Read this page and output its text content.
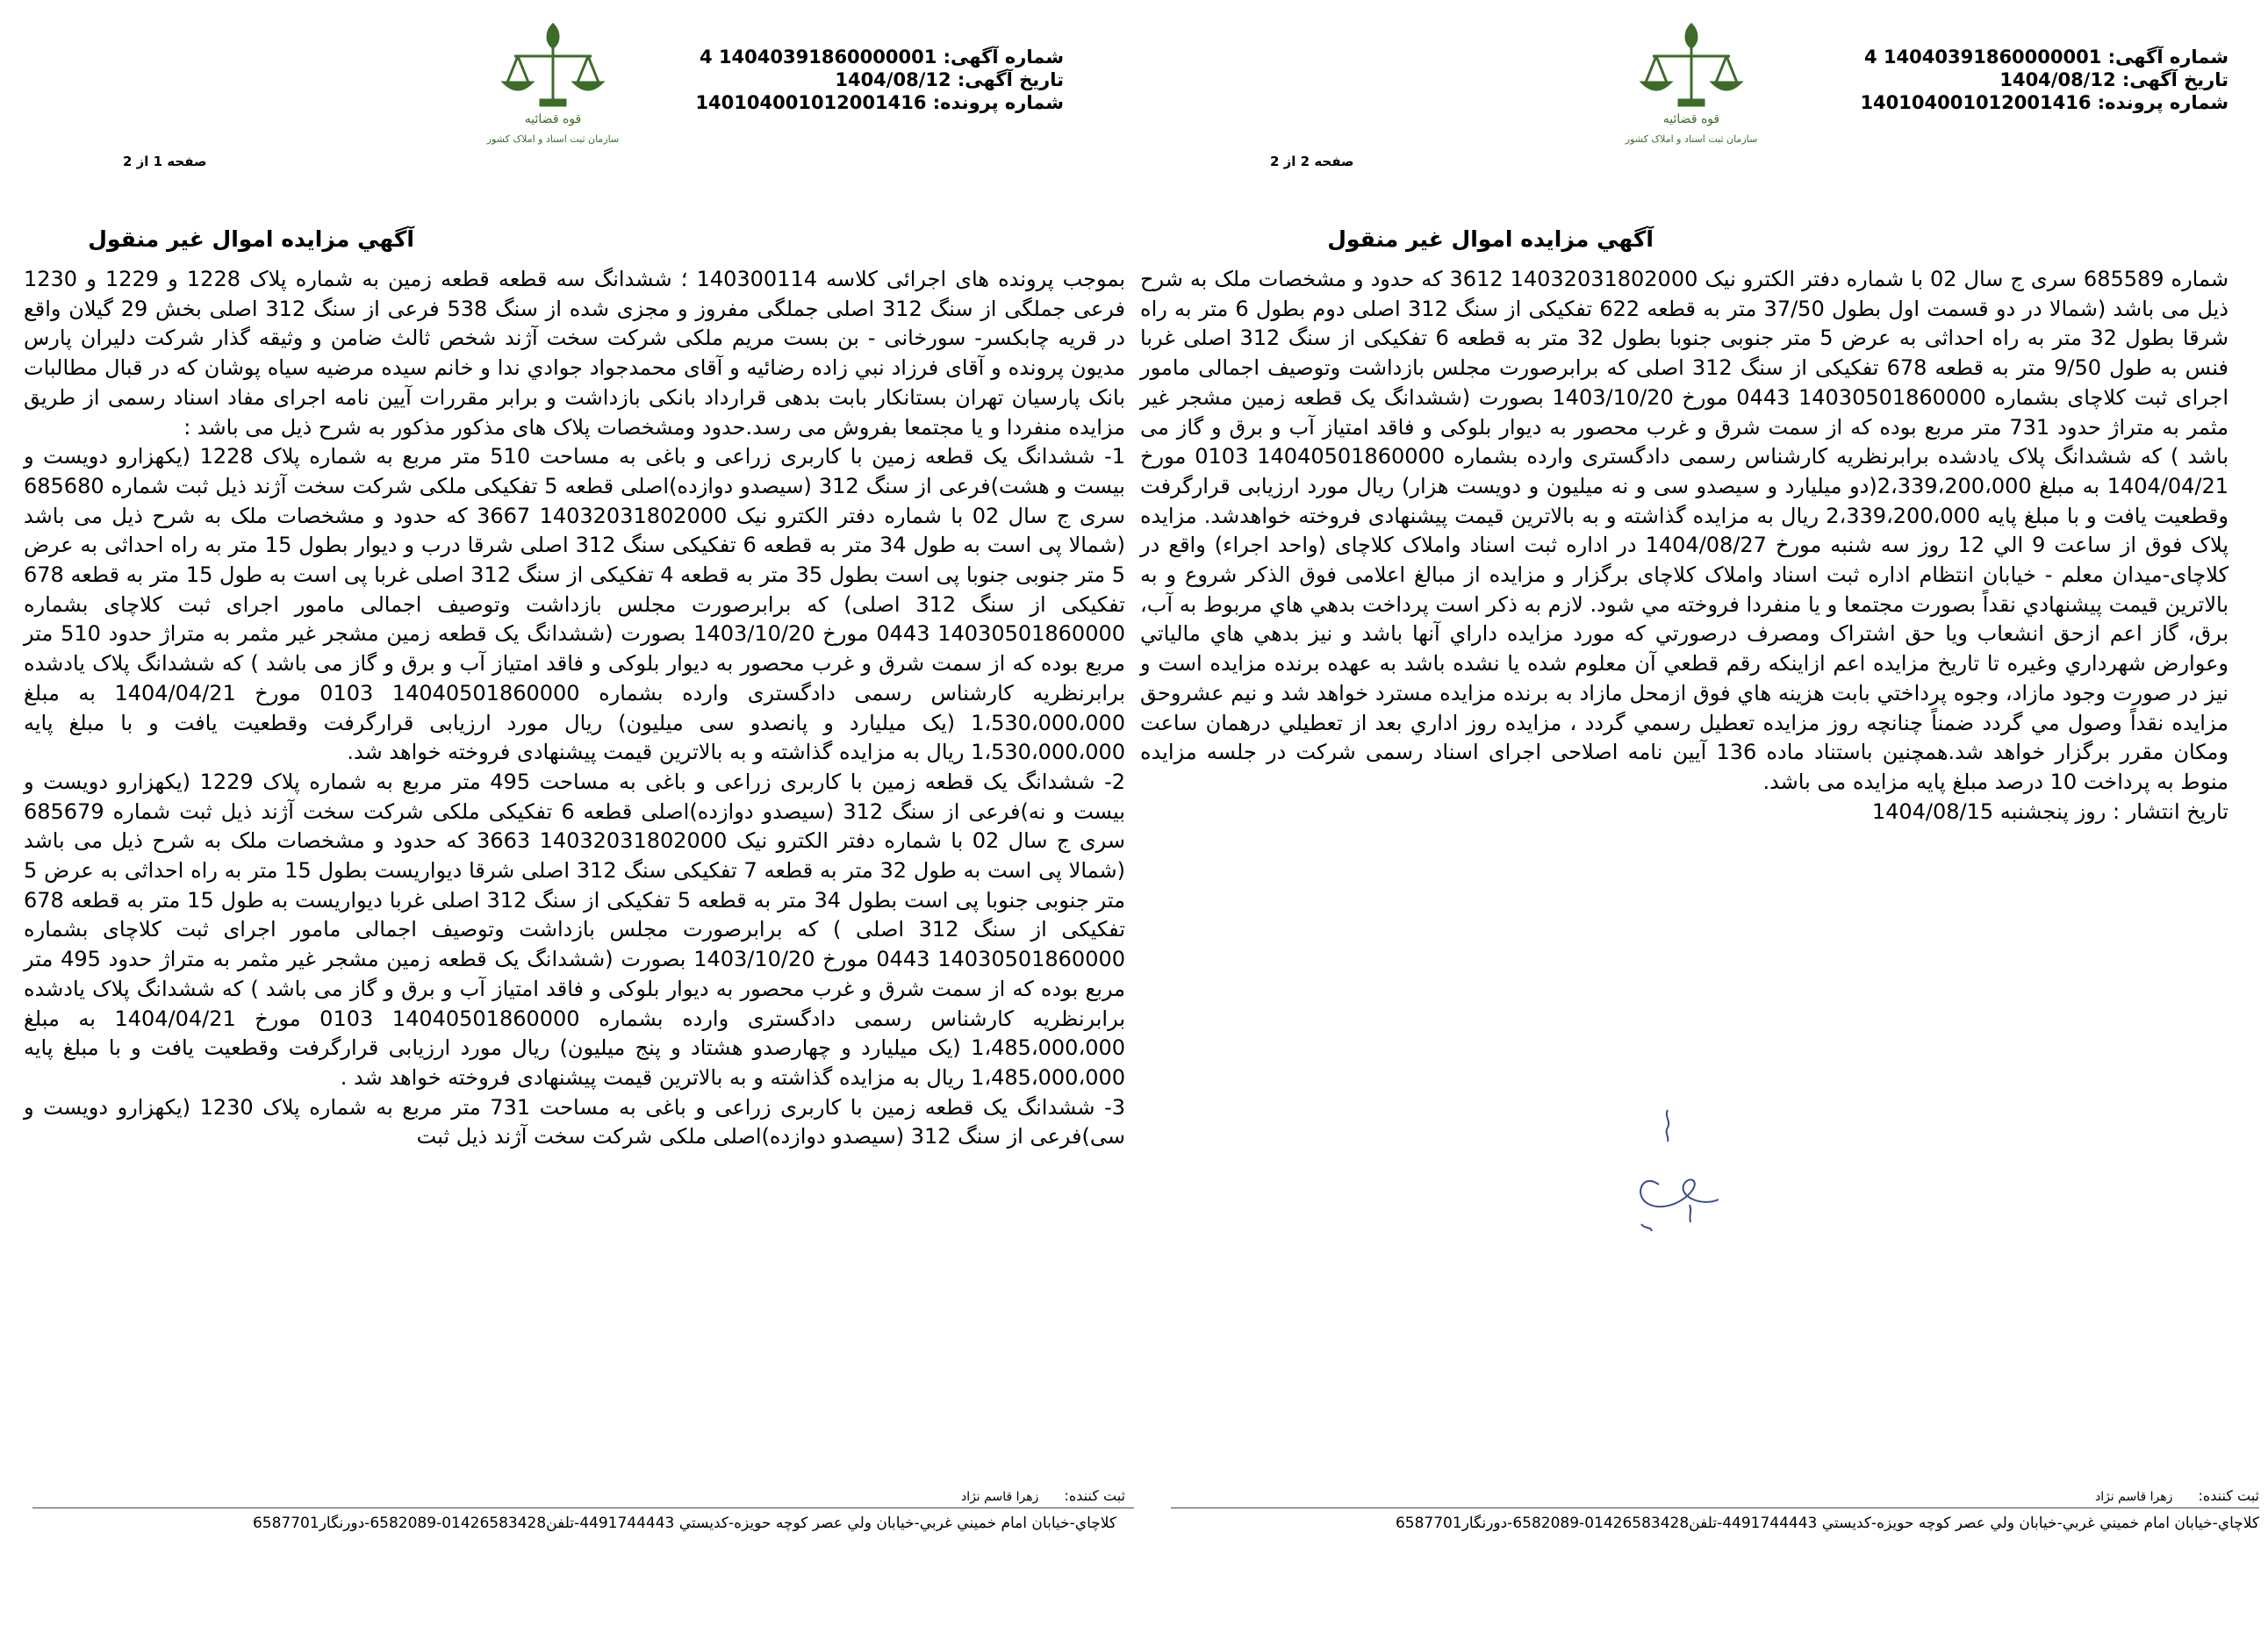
شماره آگهی: 14040391860000001 4
تاریخ آگهی: 1404/08/12
شماره پرونده: 140104001012001416
قوه قضائیه
سازمان ثبت اسناد و املاک کشور
صفحه 1 از 2
آگهي مزايده اموال غير منقول

بموجب پرونده های اجرائی کلاسه 140300114 ؛ ششدانگ سه قطعه قطعه زمین به شماره پلاک 1228 و 1229 و 1230 فرعی جملگی از سنگ 312 اصلی جملگی مفروز و مجزی شده از سنگ 538 فرعی از سنگ 312 اصلی بخش 29 گیلان واقع در قریه چابکسر- سورخانی - بن بست مریم ملکی شرکت سخت آژند شخص ثالث ضامن و وثیقه گذار شرکت دلیران پارس مدیون پرونده و آقای فرزاد نبي زاده رضائیه و آقای محمدجواد جوادي ندا و خانم سیده مرضیه سیاه پوشان که در قبال مطالبات بانک پارسیان تهران بستانکار بابت بدهی قرارداد بانکی بازداشت و برابر مقررات آیین نامه اجرای مفاد اسناد رسمی از طریق مزایده منفردا و یا مجتمعا بفروش می رسد.حدود ومشخصات پلاک های مذکور مذکور به شرح ذیل می باشد :

1- ششدانگ یک قطعه زمین با کاربری زراعی و باغی به مساحت 510 متر مربع به شماره پلاک 1228 (یکهزارو دویست و بیست و هشت)فرعی از سنگ 312 (سیصدو دوازده)اصلی قطعه 5 تفکیکی ملکی شرکت سخت آژند ذیل ثبت شماره 685680 سری ج سال 02 با شماره دفتر الکترو نیک 14032031802000 3667 که حدود و مشخصات ملک به شرح ذیل می باشد (شمالا پی است به طول 34 متر به قطعه 6 تفکیکی سنگ 312 اصلی شرقا درب و دیوار بطول 15 متر به راه احداثی به عرض 5 متر جنوبی جنوبا پی است بطول 35 متر به قطعه 4 تفکیکی از سنگ 312 اصلی غربا پی است به طول 15 متر به قطعه 678 تفکیکی از سنگ 312 اصلی) که برابرصورت مجلس بازداشت وتوصیف اجمالی مامور اجرای ثبت کلاچای بشماره 14030501860000 0443 مورخ 1403/10/20 بصورت (ششدانگ یک قطعه زمین مشجر غیر مثمر به متراژ حدود 510 متر مربع بوده که از سمت شرق و غرب محصور به دیوار بلوکی و فاقد امتیاز آب و برق و گاز می باشد ) که ششدانگ پلاک یادشده برابرنظریه کارشناس رسمی دادگستری وارده بشماره 14040501860000 0103 مورخ 1404/04/21 به مبلغ 1،530،000،000 (یک میلیارد و پانصدو سی میلیون) ریال مورد ارزیابی قرارگرفت وقطعیت یافت و با مبلغ پایه 1،530،000،000 ریال به مزایده گذاشته و به بالاترین قیمت پیشنهادی فروخته خواهد شد.

2- ششدانگ یک قطعه زمین با کاربری زراعی و باغی به مساحت 495 متر مربع به شماره پلاک 1229 (یکهزارو دویست و بیست و نه)فرعی از سنگ 312 (سیصدو دوازده)اصلی قطعه 6 تفکیکی ملکی شرکت سخت آژند ذیل ثبت شماره 685679 سری ج سال 02 با شماره دفتر الکترو نیک 14032031802000 3663 که حدود و مشخصات ملک به شرح ذیل می باشد (شمالا پی است به طول 32 متر به قطعه 7 تفکیکی سنگ 312 اصلی شرقا دیواریست بطول 15 متر به راه احداثی به عرض 5 متر جنوبی جنوبا پی است بطول 34 متر به قطعه 5 تفکیکی از سنگ 312 اصلی غربا دیواریست به طول 15 متر به قطعه 678 تفکیکی از سنگ 312 اصلی ) که برابرصورت مجلس بازداشت وتوصیف اجمالی مامور اجرای ثبت کلاچای بشماره 14030501860000 0443 مورخ 1403/10/20 بصورت (ششدانگ یک قطعه زمین مشجر غیر مثمر به متراژ حدود 495 متر مربع بوده که از سمت شرق و غرب محصور به دیوار بلوکی و فاقد امتیاز آب و برق و گاز می باشد ) که ششدانگ پلاک یادشده برابرنظریه کارشناس رسمی دادگستری وارده بشماره 14040501860000 0103 مورخ 1404/04/21 به مبلغ 1،485،000،000 (یک میلیارد و چهارصدو هشتاد و پنج میلیون) ریال مورد ارزیابی قرارگرفت وقطعیت یافت و با مبلغ پایه 1،485،000،000 ریال به مزایده گذاشته و به بالاترین قیمت پیشنهادی فروخته خواهد شد .

3- ششدانگ یک قطعه زمین با کاربری زراعی و باغی به مساحت 731 متر مربع به شماره پلاک 1230 (یکهزارو دویست و سی)فرعی از سنگ 312 (سیصدو دوازده)اصلی ملکی شرکت سخت آژند ذیل ثبت

ثبت كننده: زهرا قاسم نژاد
كلاچاي-خيابان امام خميني غربي-خيابان ولي عصر كوچه حويزه-كديستي 4491744443-تلفن01426583428-6582089-دورنگار6587701
شماره آگهی: 14040391860000001 4
تاریخ آگهی: 1404/08/12
شماره پرونده: 140104001012001416
قوه قضائیه
سازمان ثبت اسناد و املاک کشور
صفحه 2 از 2
آگهي مزايده اموال غير منقول

شماره 685589 سری ج سال 02 با شماره دفتر الکترو نیک 14032031802000 3612 که حدود و مشخصات ملک به شرح ذیل می باشد (شمالا در دو قسمت اول بطول 37/50 متر به قطعه 622 تفکیکی از سنگ 312 اصلی دوم بطول 6 متر به راه شرقا بطول 32 متر به راه احداثی به عرض 5 متر جنوبی جنوبا بطول 32 متر به قطعه 6 تفکیکی از سنگ 312 اصلی غربا فنس به طول 9/50 متر به قطعه 678 تفکیکی از سنگ 312 اصلی که برابرصورت مجلس بازداشت وتوصیف اجمالی مامور اجرای ثبت کلاچای بشماره 14030501860000 0443 مورخ 1403/10/20 بصورت (ششدانگ یک قطعه زمین مشجر غیر مثمر به متراژ حدود 731 متر مربع بوده که از سمت شرق و غرب محصور به دیوار بلوکی و فاقد امتیاز آب و برق و گاز می باشد ) که ششدانگ پلاک یادشده برابرنظریه کارشناس رسمی دادگستری وارده بشماره 14040501860000 0103 مورخ 1404/04/21 به مبلغ 2،339،200،000(دو میلیارد و سیصدو سی و نه میلیون و دویست هزار) ریال مورد ارزیابی قرارگرفت وقطعیت یافت و با مبلغ پایه 2،339،200،000 ریال به مزایده گذاشته و به بالاترین قیمت پیشنهادی فروخته خواهدشد. مزایده پلاک فوق از ساعت 9 الي 12 روز سه شنبه مورخ 1404/08/27 در اداره ثبت اسناد واملاک کلاچای (واحد اجراء) واقع در کلاچای-میدان معلم - خیابان انتظام اداره ثبت اسناد واملاک کلاچای برگزار و مزایده از مبالغ اعلامی فوق الذکر شروع و به بالاترین قیمت پیشنهادي نقداً بصورت مجتمعا و یا منفردا فروخته مي شود. لازم به ذکر است پرداخت بدهي هاي مربوط به آب، برق، گاز اعم ازحق انشعاب ویا حق اشتراک ومصرف درصورتي که مورد مزایده داراي آنها باشد و نیز بدهي هاي مالیاتي وعوارض شهرداري وغیره تا تاریخ مزایده اعم ازاینکه رقم قطعي آن معلوم شده یا نشده باشد به عهده برنده مزایده است و نیز در صورت وجود مازاد، وجوه پرداختي بابت هزینه هاي فوق ازمحل مازاد به برنده مزایده مسترد خواهد شد و نیم عشروحق مزایده نقداً وصول مي گردد ضمناً چنانچه روز مزایده تعطیل رسمي گردد ، مزایده روز اداري بعد از تعطیلي درهمان ساعت ومکان مقرر برگزار خواهد شد.همچنین باستناد ماده 136 آیین نامه اصلاحی اجرای اسناد رسمی شرکت در جلسه مزایده منوط به پرداخت 10 درصد مبلغ پایه مزایده می باشد.

تاریخ انتشار : روز پنجشنبه 1404/08/15

ثبت كننده: زهرا قاسم نژاد
كلاچاي-خيابان امام خميني غربي-خيابان ولي عصر كوچه حويزه-كديستي 4491744443-تلفن01426583428-6582089-دورنگار6587701
